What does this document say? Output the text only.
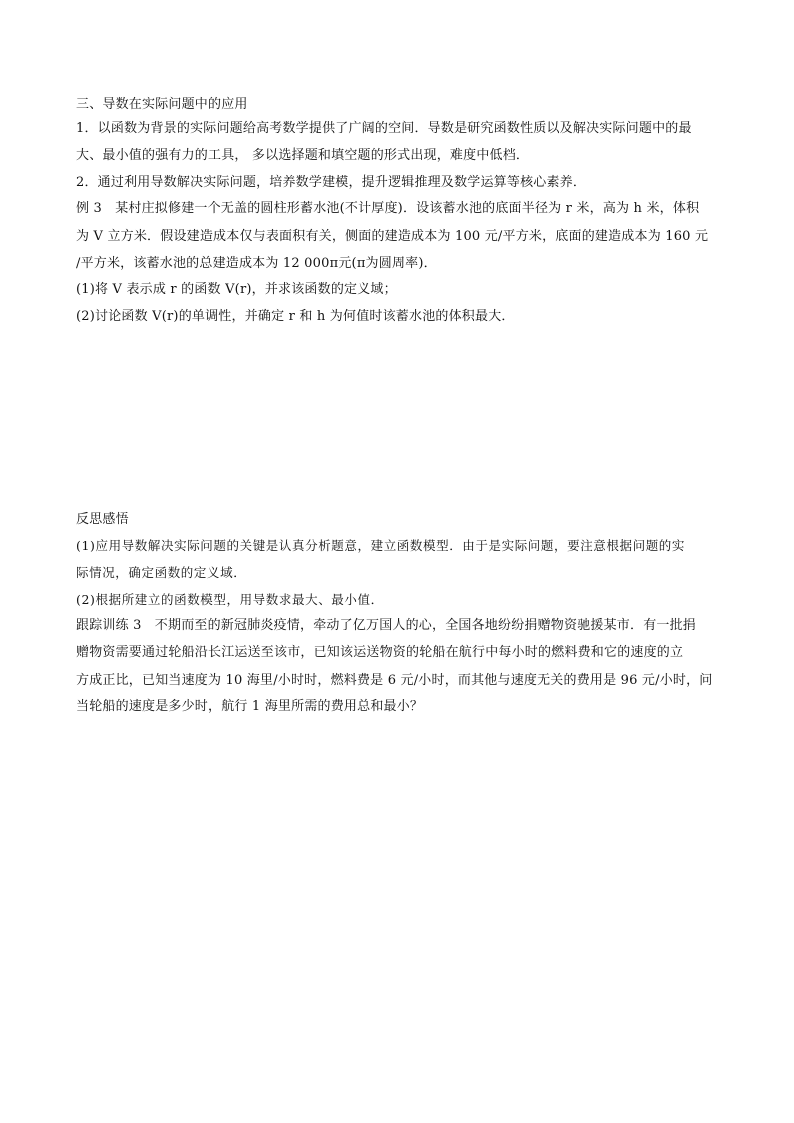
三、导数在实际问题中的应用
1．以函数为背景的实际问题给高考数学提供了广阔的空间．导数是研究函数性质以及解决实际问题中的最
大、最小值的强有力的工具， 多以选择题和填空题的形式出现，难度中低档．
2．通过利用导数解决实际问题，培养数学建模，提升逻辑推理及数学运算等核心素养．
例 3　某村庄拟修建一个无盖的圆柱形蓄水池(不计厚度)．设该蓄水池的底面半径为 r 米，高为 h 米，体积
为 V 立方米．假设建造成本仅与表面积有关，侧面的建造成本为 100 元/平方米，底面的建造成本为 160 元
/平方米，该蓄水池的总建造成本为 12 000π元(π为圆周率)．
(1)将 V 表示成 r 的函数 V(r)，并求该函数的定义域；
(2)讨论函数 V(r)的单调性，并确定 r 和 h 为何值时该蓄水池的体积最大．
反思感悟
(1)应用导数解决实际问题的关键是认真分析题意，建立函数模型．由于是实际问题，要注意根据问题的实
际情况，确定函数的定义域．
(2)根据所建立的函数模型，用导数求最大、最小值．
跟踪训练 3　不期而至的新冠肺炎疫情，牵动了亿万国人的心，全国各地纷纷捐赠物资驰援某市．有一批捐
赠物资需要通过轮船沿长江运送至该市，已知该运送物资的轮船在航行中每小时的燃料费和它的速度的立
方成正比，已知当速度为 10 海里/小时时，燃料费是 6 元/小时，而其他与速度无关的费用是 96 元/小时，问
当轮船的速度是多少时，航行 1 海里所需的费用总和最小？
